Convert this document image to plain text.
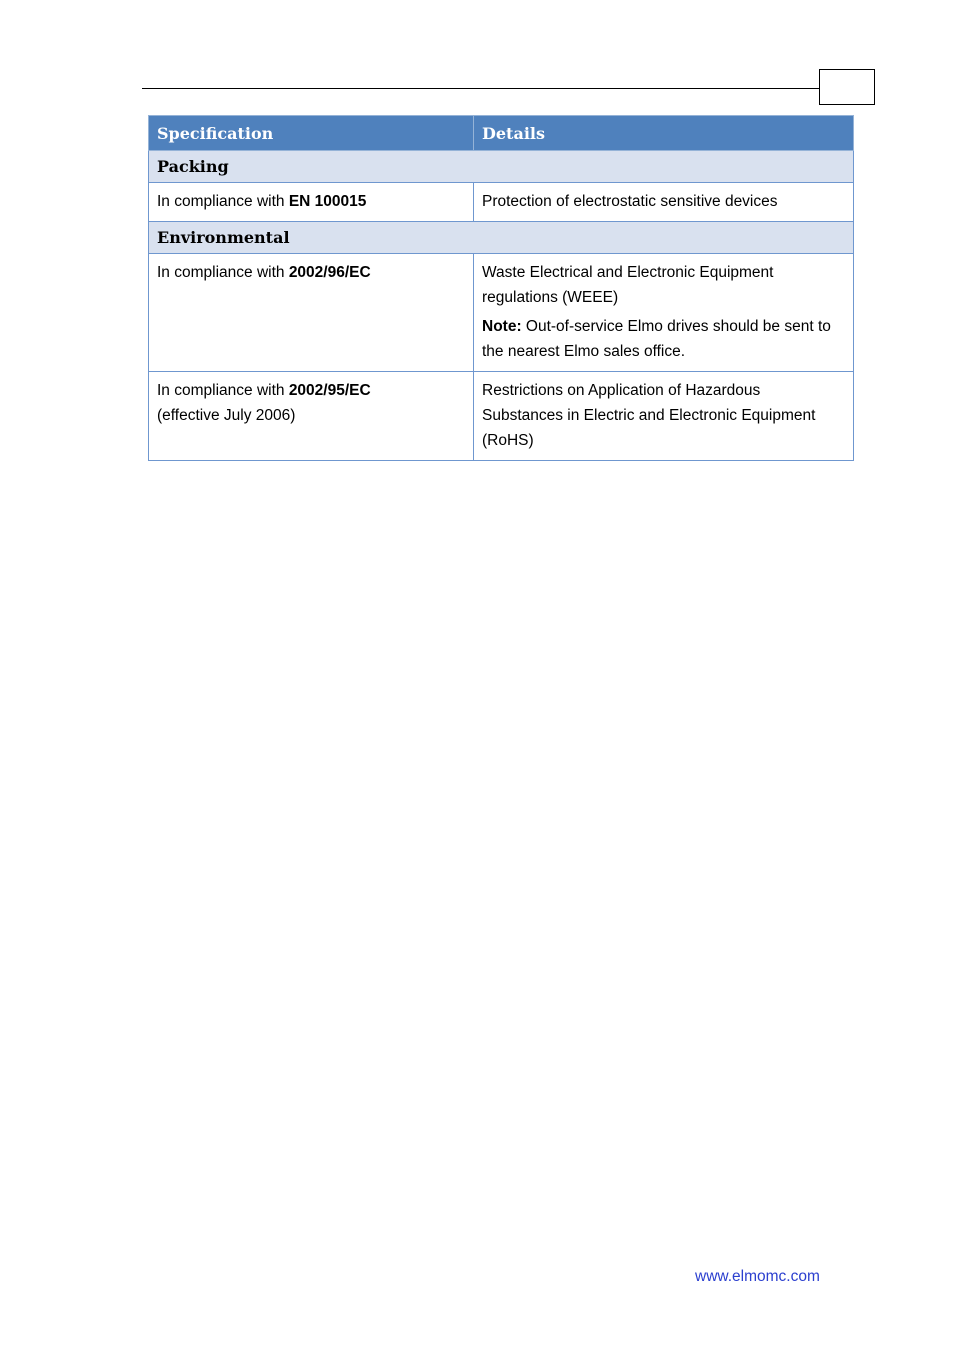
Specification	Details
Packing	
In compliance with EN 100015	Protection of electrostatic sensitive devices

Environmental	
In compliance with 2002/96/EC	Waste Electrical and Electronic Equipment regulations (WEEE)
Note: Out-of-service Elmo drives should be sent to the nearest Elmo sales office.

In compliance with 2002/95/EC
(effective July 2006)	Restrictions on Application of Hazardous Substances in Electric and Electronic Equipment (RoHS)
www.elmomc.com
